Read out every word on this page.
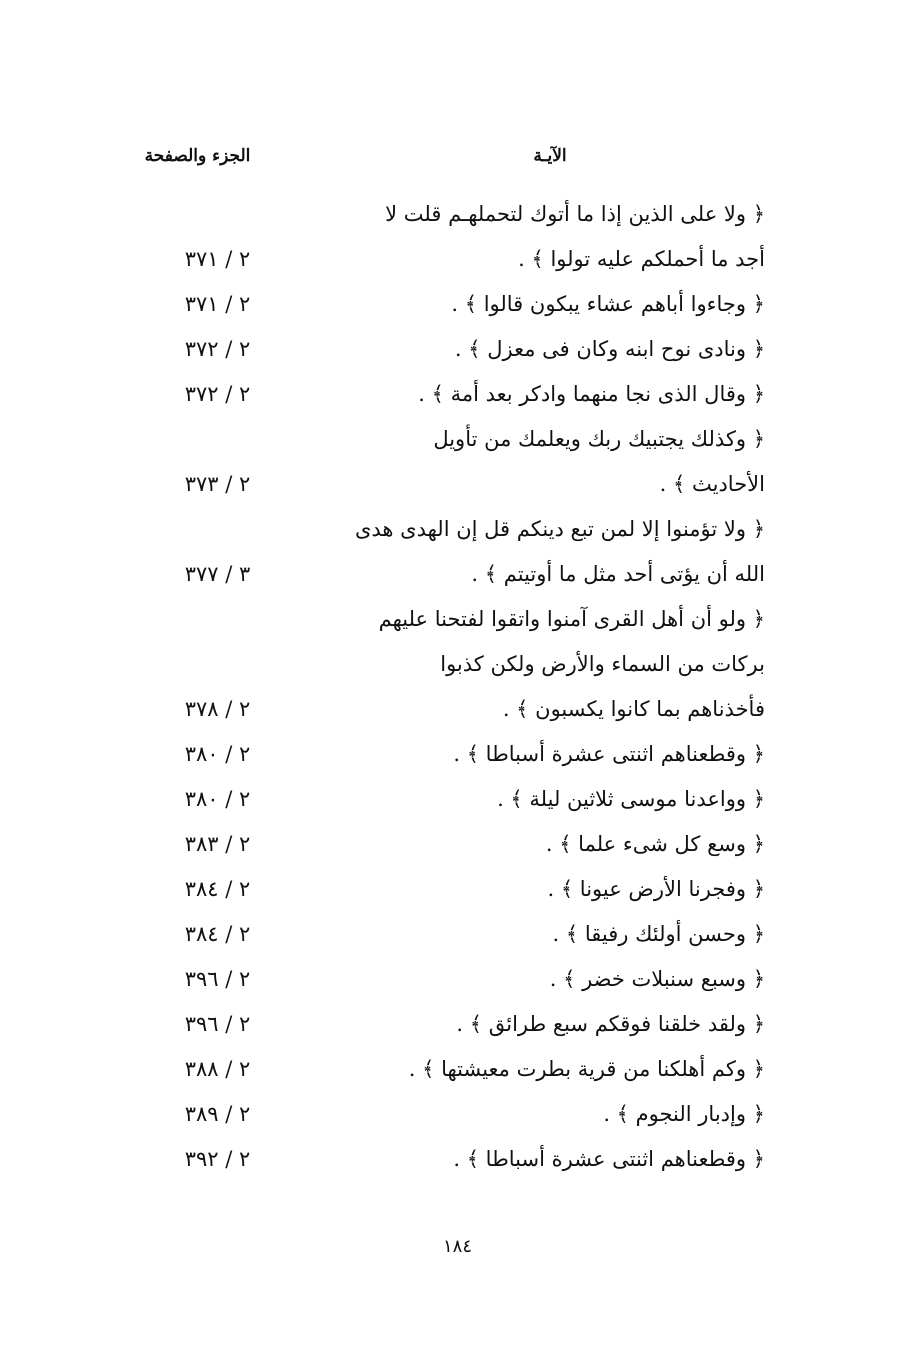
الآيـة
الجزء والصفحة
﴿ ولا على الذين إذا ما أتوك لتحملهـم قلت لا
أجد ما أحملكم عليه تولوا ﴾ .
٢ / ٣٧١
﴿ وجاءوا أباهم عشاء يبكون قالوا ﴾ .
٢ / ٣٧١
﴿ ونادى نوح ابنه وكان فى معزل ﴾ .
٢ / ٣٧٢
﴿ وقال الذى نجا منهما وادكر بعد أمة ﴾ .
٢ / ٣٧٢
﴿ وكذلك يجتبيك ربك ويعلمك من تأويل
الأحاديث ﴾ .
٢ / ٣٧٣
﴿ ولا تؤمنوا إلا لمن تبع دينكم قل إن الهدى هدى
الله أن يؤتى أحد مثل ما أوتيتم ﴾ .
٣ / ٣٧٧
﴿ ولو أن أهل القرى آمنوا واتقوا لفتحنا عليهم
بركات من السماء والأرض ولكن كذبوا
فأخذناهم بما كانوا يكسبون ﴾ .
٢ / ٣٧٨
﴿ وقطعناهم اثنتى عشرة أسباطا ﴾ .
٢ / ٣٨٠
﴿ وواعدنا موسى ثلاثين ليلة ﴾ .
٢ / ٣٨٠
﴿ وسع كل شىء علما ﴾ .
٢ / ٣٨٣
﴿ وفجرنا الأرض عيونا ﴾ .
٢ / ٣٨٤
﴿ وحسن أولئك رفيقا ﴾ .
٢ / ٣٨٤
﴿ وسبع سنبلات خضر ﴾ .
٢ / ٣٩٦
﴿ ولقد خلقنا فوقكم سبع طرائق ﴾ .
٢ / ٣٩٦
﴿ وكم أهلكنا من قرية بطرت معيشتها ﴾ .
٢ / ٣٨٨
﴿ وإدبار النجوم ﴾ .
٢ / ٣٨٩
﴿ وقطعناهم اثنتى عشرة أسباطا ﴾ .
٢ / ٣٩٢
١٨٤
